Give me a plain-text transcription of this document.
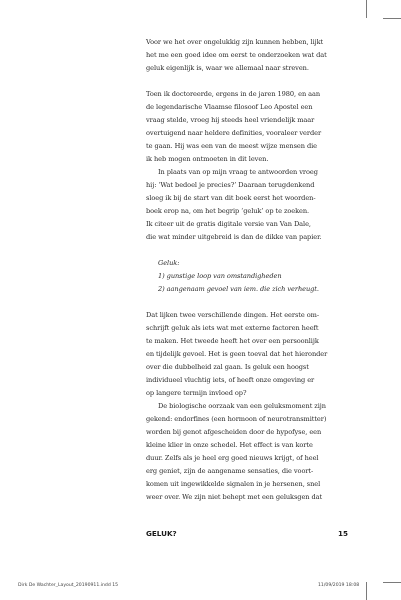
Voor we het over ongelukkig zijn kunnen hebben, lijkt
het me een goed idee om eerst te onderzoeken wat dat
geluk eigenlijk is, waar we allemaal naar streven.

Toen ik doctoreerde, ergens in de jaren 1980, en aan
de legendarische Vlaamse filosoof Leo Apostel een
vraag stelde, vroeg hij steeds heel vriendelijk maar
overtuigend naar heldere definities, vooraleer verder
te gaan. Hij was een van de meest wijze mensen die
ik heb mogen ontmoeten in dit leven.

In plaats van op mijn vraag te antwoorden vroeg
hij: ‘Wat bedoel je precies?’ Daaraan terugdenkend
sloeg ik bij de start van dit boek eerst het woorden-
boek erop na, om het begrip ‘geluk’ op te zoeken.
Ik citeer uit de gratis digitale versie van Van Dale,
die wat minder uitgebreid is dan de dikke van papier.

Geluk:
1) gunstige loop van omstandigheden
2) aangenaam gevoel van iem. die zich verheugt.

Dat lijken twee verschillende dingen. Het eerste om-
schrijft geluk als iets wat met externe factoren heeft
te maken. Het tweede heeft het over een persoonlijk
en tijdelijk gevoel. Het is geen toeval dat het hieronder
over die dubbelheid zal gaan. Is geluk een hoogst
individueel vluchtig iets, of heeft onze omgeving er
op langere termijn invloed op?

De biologische oorzaak van een geluksmoment zijn
gekend: endorfines (een hormoon of neurotransmitter)
worden bij genot afgescheiden door de hypofyse, een
kleine klier in onze schedel. Het effect is van korte
duur. Zelfs als je heel erg goed nieuws krijgt, of heel
erg geniet, zijn de aangename sensaties, die voort-
komen uit ingewikkelde signalen in je hersenen, snel
weer over. We zijn niet behept met een geluksgen dat

GELUK?	15
Dirk De Wachter_Layout_20190911.indd 15	11/09/2019 18:08
